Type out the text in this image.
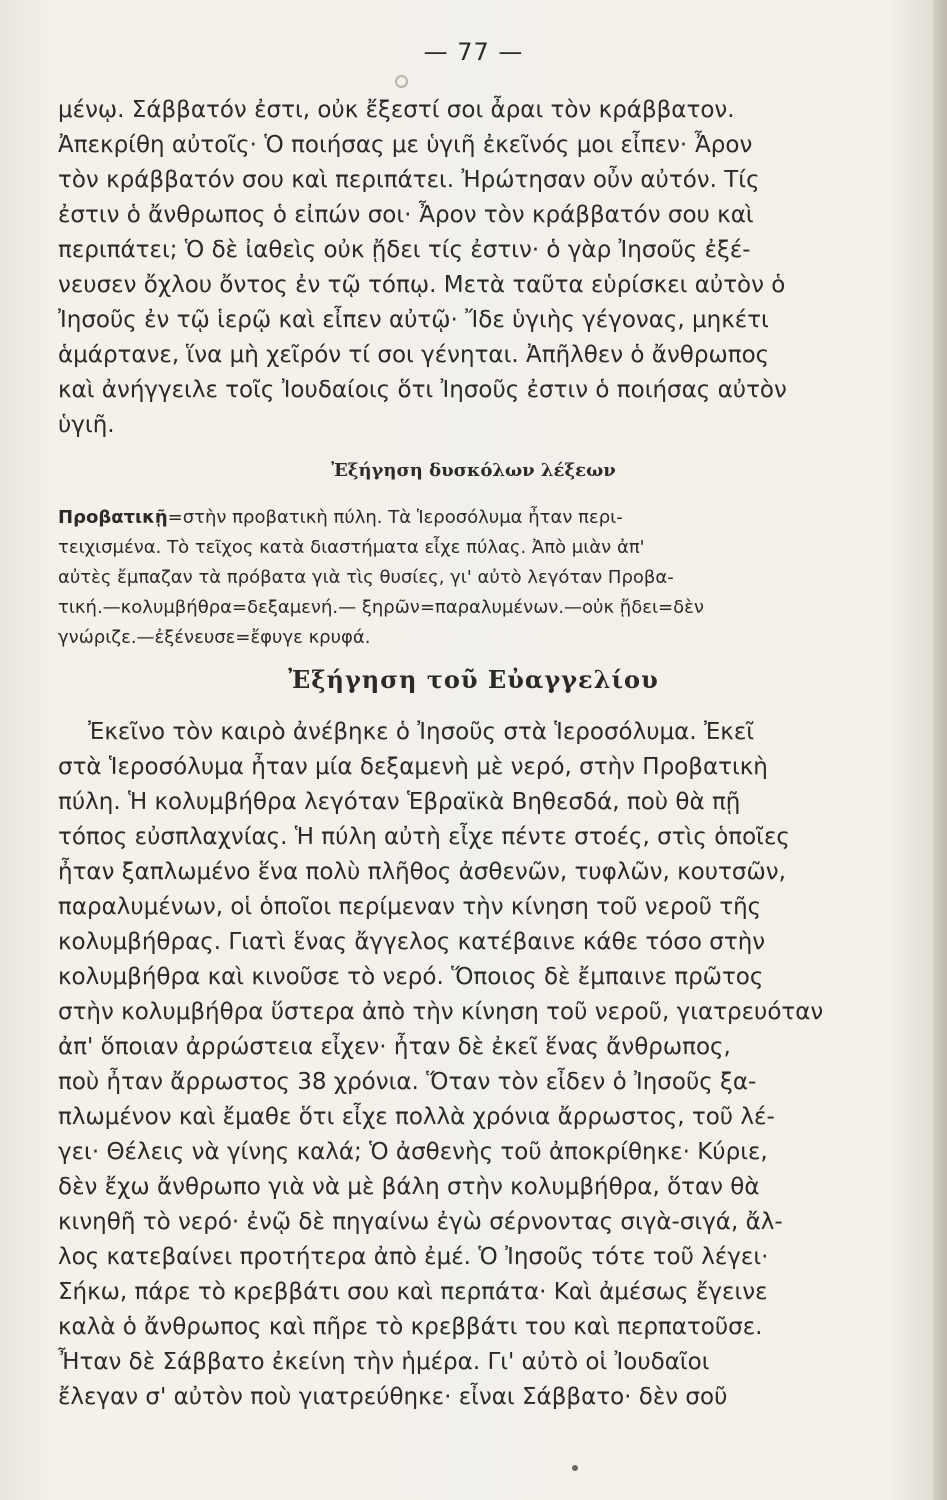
— 77 —
μένῳ. Σάββατόν ἐστι, οὐκ ἔξεστί σοι ἆραι τὸν κράββατον.
Ἀπεκρίθη αὐτοῖς· Ὁ ποιήσας με ὑγιῆ ἐκεῖνός μοι εἶπεν· Ἆρον
τὸν κράββατόν σου καὶ περιπάτει. Ἠρώτησαν οὖν αὐτόν. Τίς
ἐστιν ὁ ἄνθρωπος ὁ εἰπών σοι· Ἆρον τὸν κράββατόν σου καὶ
περιπάτει; Ὁ δὲ ἰαθεὶς οὐκ ᾔδει τίς ἐστιν· ὁ γὰρ Ἰησοῦς ἐξέ-
νευσεν ὄχλου ὄντος ἐν τῷ τόπῳ. Μετὰ ταῦτα εὑρίσκει αὐτὸν ὁ
Ἰησοῦς ἐν τῷ ἱερῷ καὶ εἶπεν αὐτῷ· Ἴδε ὑγιὴς γέγονας, μηκέτι
ἁμάρτανε, ἵνα μὴ χεῖρόν τί σοι γένηται. Ἀπῆλθεν ὁ ἄνθρωπος
καὶ ἀνήγγειλε τοῖς Ἰουδαίοις ὅτι Ἰησοῦς ἐστιν ὁ ποιήσας αὐτὸν
ὑγιῆ.
Ἐξήγηση δυσκόλων λέξεων
Προβατικῇ=στὴν προβατικὴ πύλη. Τὰ Ἱεροσόλυμα ἦταν περι-
τειχισμένα. Τὸ τεῖχος κατὰ διαστήματα εἶχε πύλας. Ἀπὸ μιὰν ἀπ'
αὐτὲς ἔμπαζαν τὰ πρόβατα γιὰ τὶς θυσίες, γι' αὐτὸ λεγόταν Προβα-
τική.—κολυμβήθρα=δεξαμενή.— ξηρῶν=παραλυμένων.—οὐκ ᾔδει=δὲν
γνώριζε.—ἐξένευσε=ἔφυγε κρυφά.
Ἐξήγηση τοῦ Εὐαγγελίου
Ἐκεῖνο τὸν καιρὸ ἀνέβηκε ὁ Ἰησοῦς στὰ Ἱεροσόλυμα. Ἐκεῖ
στὰ Ἱεροσόλυμα ἦταν μία δεξαμενὴ μὲ νερό, στὴν Προβατικὴ
πύλη. Ἡ κολυμβήθρα λεγόταν Ἑβραϊκὰ Βηθεσδά, ποὺ θὰ πῇ
τόπος εὐσπλαχνίας. Ἡ πύλη αὐτὴ εἶχε πέντε στοές, στὶς ὁποῖες
ἦταν ξαπλωμένο ἕνα πολὺ πλῆθος ἀσθενῶν, τυφλῶν, κουτσῶν,
παραλυμένων, οἱ ὁποῖοι περίμεναν τὴν κίνηση τοῦ νεροῦ τῆς
κολυμβήθρας. Γιατὶ ἕνας ἄγγελος κατέβαινε κάθε τόσο στὴν
κολυμβήθρα καὶ κινοῦσε τὸ νερό. Ὅποιος δὲ ἔμπαινε πρῶτος
στὴν κολυμβήθρα ὕστερα ἀπὸ τὴν κίνηση τοῦ νεροῦ, γιατρευόταν
ἀπ' ὅποιαν ἀρρώστεια εἶχεν· ἦταν δὲ ἐκεῖ ἕνας ἄνθρωπος,
ποὺ ἦταν ἄρρωστος 38 χρόνια. Ὅταν τὸν εἶδεν ὁ Ἰησοῦς ξα-
πλωμένον καὶ ἔμαθε ὅτι εἶχε πολλὰ χρόνια ἄρρωστος, τοῦ λέ-
γει· Θέλεις νὰ γίνης καλά; Ὁ ἀσθενὴς τοῦ ἀποκρίθηκε· Κύριε,
δὲν ἔχω ἄνθρωπο γιὰ νὰ μὲ βάλη στὴν κολυμβήθρα, ὅταν θὰ
κινηθῆ τὸ νερό· ἐνῷ δὲ πηγαίνω ἐγὼ σέρνοντας σιγὰ-σιγά, ἄλ-
λος κατεβαίνει προτήτερα ἀπὸ ἐμέ. Ὁ Ἰησοῦς τότε τοῦ λέγει·
Σήκω, πάρε τὸ κρεββάτι σου καὶ περπάτα· Καὶ ἀμέσως ἔγεινε
καλὰ ὁ ἄνθρωπος καὶ πῆρε τὸ κρεββάτι του καὶ περπατοῦσε.
Ἦταν δὲ Σάββατο ἐκείνη τὴν ἡμέρα. Γι' αὐτὸ οἱ Ἰουδαῖοι
ἔλεγαν σ' αὐτὸν ποὺ γιατρεύθηκε· εἶναι Σάββατο· δὲν σοῦ
